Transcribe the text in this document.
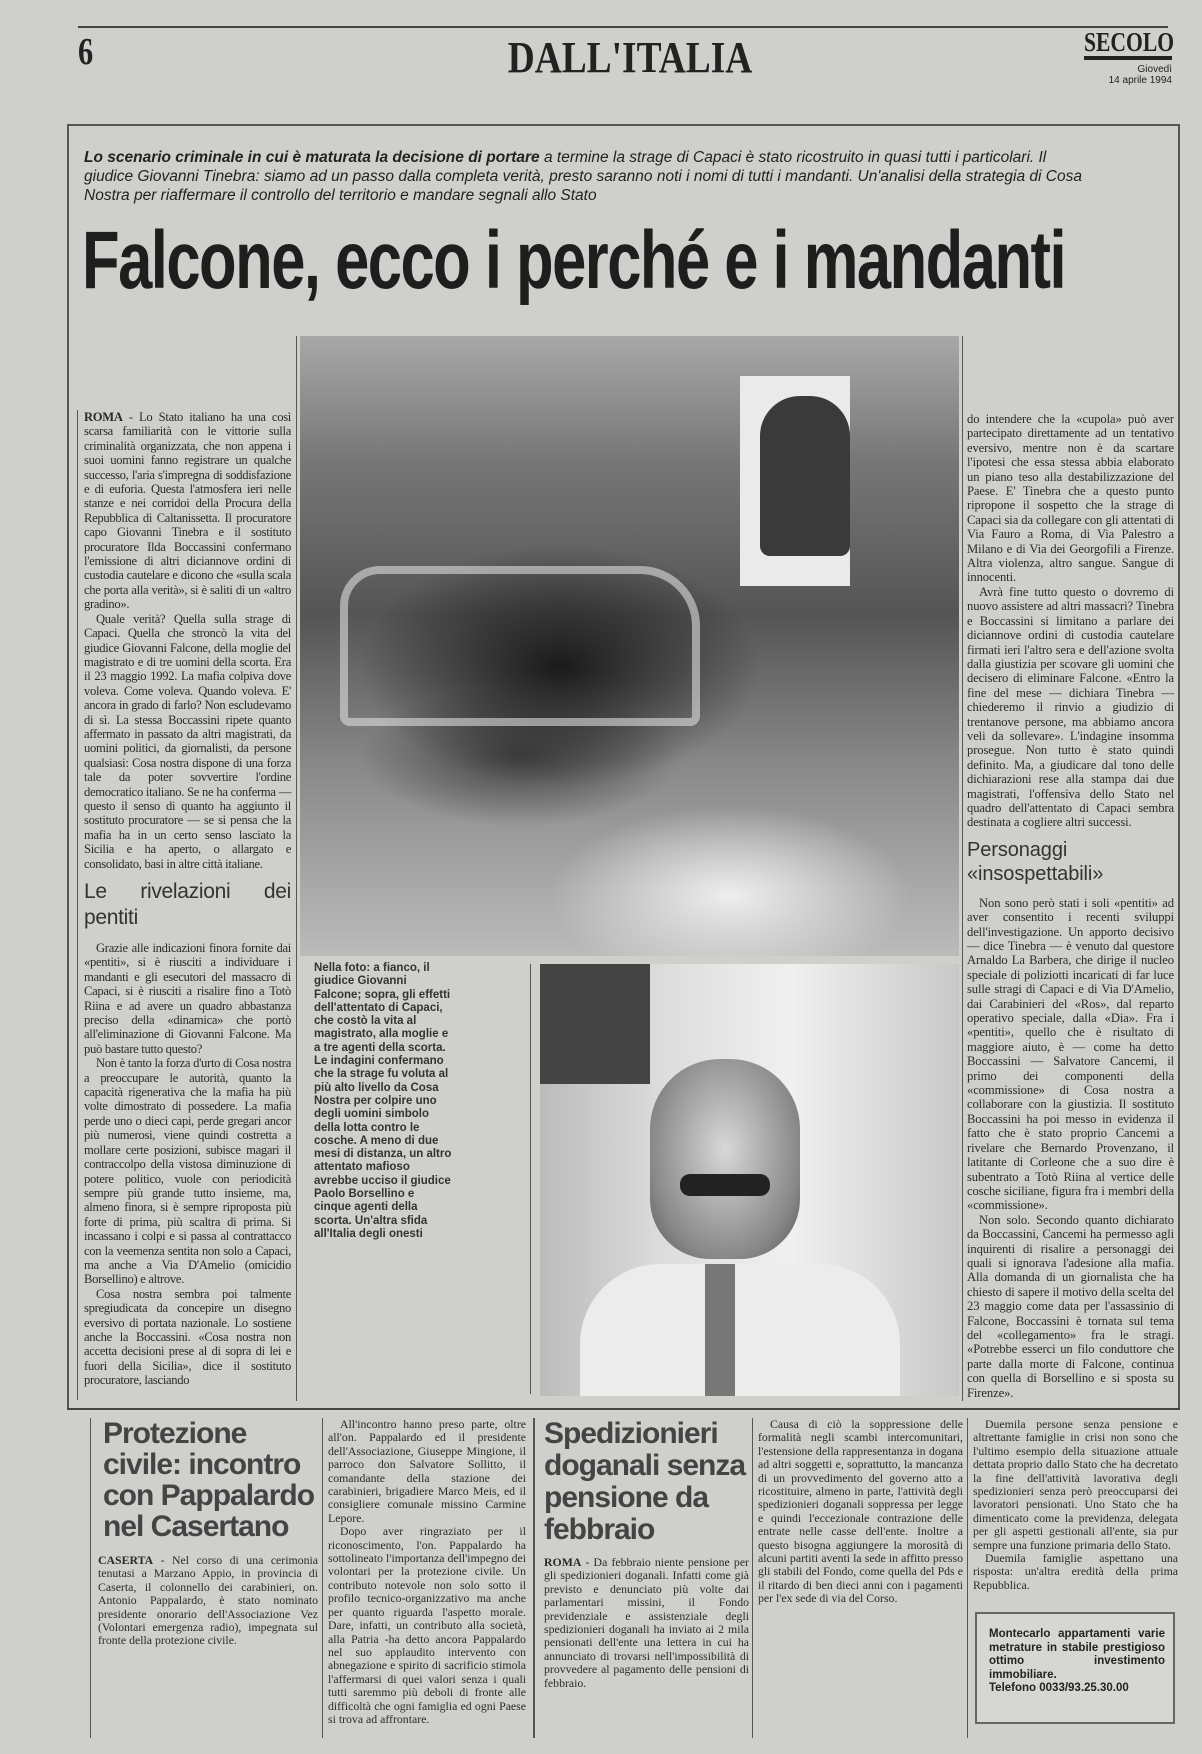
6	DALL'ITALIA	SECOLO
Giovedì
14 aprile 1994
Lo scenario criminale in cui è maturata la decisione di portare a termine la strage di Capaci è stato ricostruito in quasi tutti i particolari. Il giudice Giovanni Tinebra: siamo ad un passo dalla completa verità, presto saranno noti i nomi di tutti i mandanti. Un'analisi della strategia di Cosa Nostra per riaffermare il controllo del territorio e mandare segnali allo Stato
Falcone, ecco i perché e i mandanti

ROMA - Lo Stato italiano ha una così scarsa familiarità con le vittorie sulla criminalità organizzata, che non appena i suoi uomini fanno registrare un qualche successo, l'aria s'impregna di soddisfazione e di euforia. Questa l'atmosfera ieri nelle stanze e nei corridoi della Procura della Repubblica di Caltanissetta. Il procuratore capo Giovanni Tinebra e il sostituto procuratore Ilda Boccassini confermano l'emissione di altri diciannove ordini di custodia cautelare e dicono che «sulla scala che porta alla verità», si è saliti di un «altro gradino».

Quale verità? Quella sulla strage di Capaci. Quella che stroncò la vita del giudice Giovanni Falcone, della moglie del magistrato e di tre uomini della scorta. Era il 23 maggio 1992. La mafia colpiva dove voleva. Come voleva. Quando voleva. E' ancora in grado di farlo? Non escludevamo di sì. La stessa Boccassini ripete quanto affermato in passato da altri magistrati, da uomini politici, da giornalisti, da persone qualsiasi: Cosa nostra dispone di una forza tale da poter sovvertire l'ordine democratico italiano. Se ne ha conferma — questo il senso di quanto ha aggiunto il sostituto procuratore — se si pensa che la mafia ha in un certo senso lasciato la Sicilia e ha aperto, o allargato e consolidato, basi in altre città italiane.

Le rivelazioni dei pentiti

Grazie alle indicazioni finora fornite dai «pentiti», si è riusciti a individuare i mandanti e gli esecutori del massacro di Capaci, si è riusciti a risalire fino a Totò Riina e ad avere un quadro abbastanza preciso della «dinamica» che portò all'eliminazione di Giovanni Falcone. Ma può bastare tutto questo?

Non è tanto la forza d'urto di Cosa nostra a preoccupare le autorità, quanto la capacità rigenerativa che la mafia ha più volte dimostrato di possedere. La mafia perde uno o dieci capi, perde gregari ancor più numerosi, viene quindi costretta a mollare certe posizioni, subisce magari il contraccolpo della vistosa diminuzione di potere politico, vuole con periodicità sempre più grande tutto insieme, ma, almeno finora, si è sempre riproposta più forte di prima, più scaltra di prima. Si incassano i colpi e si passa al contrattacco con la veemenza sentita non solo a Capaci, ma anche a Via D'Amelio (omicidio Borsellino) e altrove.

Cosa nostra sembra poi talmente spregiudicata da concepire un disegno eversivo di portata nazionale. Lo sostiene anche la Boccassini. «Cosa nostra non accetta decisioni prese al di sopra di lei e fuori della Sicilia», dice il sostituto procuratore, lasciando

Nella foto: a fianco, il giudice Giovanni Falcone; sopra, gli effetti dell'attentato di Capaci, che costò la vita al magistrato, alla moglie e a tre agenti della scorta. Le indagini confermano che la strage fu voluta al più alto livello da Cosa Nostra per colpire uno degli uomini simbolo della lotta contro le cosche. A meno di due mesi di distanza, un altro attentato mafioso avrebbe ucciso il giudice Paolo Borsellino e cinque agenti della scorta. Un'altra sfida all'Italia degli onesti

do intendere che la «cupola» può aver partecipato direttamente ad un tentativo eversivo, mentre non è da scartare l'ipotesi che essa stessa abbia elaborato un piano teso alla destabilizzazione del Paese. E' Tinebra che a questo punto ripropone il sospetto che la strage di Capaci sia da collegare con gli attentati di Via Fauro a Roma, di Via Palestro a Milano e di Via dei Georgofili a Firenze. Altra violenza, altro sangue. Sangue di innocenti.

Avrà fine tutto questo o dovremo di nuovo assistere ad altri massacri? Tinebra e Boccassini si limitano a parlare dei diciannove ordini di custodia cautelare firmati ieri l'altro sera e dell'azione svolta dalla giustizia per scovare gli uomini che decisero di eliminare Falcone. «Entro la fine del mese — dichiara Tinebra — chiederemo il rinvio a giudizio di trentanove persone, ma abbiamo ancora veli da sollevare». L'indagine insomma prosegue. Non tutto è stato quindi definito. Ma, a giudicare dal tono delle dichiarazioni rese alla stampa dai due magistrati, l'offensiva dello Stato nel quadro dell'attentato di Capaci sembra destinata a cogliere altri successi.

Personaggi «insospettabili»

Non sono però stati i soli «pentiti» ad aver consentito i recenti sviluppi dell'investigazione. Un apporto decisivo — dice Tinebra — è venuto dal questore Arnaldo La Barbera, che dirige il nucleo speciale di poliziotti incaricati di far luce sulle stragi di Capaci e di Via D'Amelio, dai Carabinieri del «Ros», dal reparto operativo speciale, dalla «Dia». Fra i «pentiti», quello che è risultato di maggiore aiuto, è — come ha detto Boccassini — Salvatore Cancemi, il primo dei componenti della «commissione» di Cosa nostra a collaborare con la giustizia. Il sostituto Boccassini ha poi messo in evidenza il fatto che è stato proprio Cancemi a rivelare che Bernardo Provenzano, il latitante di Corleone che a suo dire è subentrato a Totò Riina al vertice delle cosche siciliane, figura fra i membri della «commissione».

Non solo. Secondo quanto dichiarato da Boccassini, Cancemi ha permesso agli inquirenti di risalire a personaggi dei quali si ignorava l'adesione alla mafia. Alla domanda di un giornalista che ha chiesto di sapere il motivo della scelta del 23 maggio come data per l'assassinio di Falcone, Boccassini è tornata sul tema del «collegamento» fra le stragi. «Potrebbe esserci un filo conduttore che parte dalla morte di Falcone, continua con quella di Borsellino e si sposta su Firenze».

Protezione civile: incontro con Pappalardo nel Casertano

CASERTA - Nel corso di una cerimonia tenutasi a Marzano Appio, in provincia di Caserta, il colonnello dei carabinieri, on. Antonio Pappalardo, è stato nominato presidente onorario dell'Associazione Vez (Volontari emergenza radio), impegnata sul fronte della protezione civile.

All'incontro hanno preso parte, oltre all'on. Pappalardo ed il presidente dell'Associazione, Giuseppe Mingione, il parroco don Salvatore Sollitto, il comandante della stazione dei carabinieri, brigadiere Marco Meis, ed il consigliere comunale missino Carmine Lepore.

Dopo aver ringraziato per il riconoscimento, l'on. Pappalardo ha sottolineato l'importanza dell'impegno dei volontari per la protezione civile. Un contributo notevole non solo sotto il profilo tecnico-organizzativo ma anche per quanto riguarda l'aspetto morale. Dare, infatti, un contributo alla società, alla Patria -ha detto ancora Pappalardo nel suo applaudito intervento con abnegazione e spirito di sacrificio stimola l'affermarsi di quei valori senza i quali tutti saremmo più deboli di fronte alle difficoltà che ogni famiglia ed ogni Paese si trova ad affrontare.

Spedizionieri doganali senza pensione da febbraio

ROMA - Da febbraio niente pensione per gli spedizionieri doganali. Infatti come già previsto e denunciato più volte dai parlamentari missini, il Fondo previdenziale e assistenziale degli spedizionieri doganali ha inviato ai 2 mila pensionati dell'ente una lettera in cui ha annunciato di trovarsi nell'impossibilità di provvedere al pagamento delle pensioni di febbraio.

Causa di ciò la soppressione delle formalità negli scambi intercomunitari, l'estensione della rappresentanza in dogana ad altri soggetti e, soprattutto, la mancanza di un provvedimento del governo atto a ricostituire, almeno in parte, l'attività degli spedizionieri doganali soppressa per legge e quindi l'eccezionale contrazione delle entrate nelle casse dell'ente. Inoltre a questo bisogna aggiungere la morosità di alcuni partiti aventi la sede in affitto presso gli stabili del Fondo, come quella del Pds e il ritardo di ben dieci anni con i pagamenti per l'ex sede di via del Corso.

Duemila persone senza pensione e altrettante famiglie in crisi non sono che l'ultimo esempio della situazione attuale dettata proprio dallo Stato che ha decretato la fine dell'attività lavorativa degli spedizionieri senza però preoccuparsi dei lavoratori pensionati. Uno Stato che ha dimenticato come la previdenza, delegata per gli aspetti gestionali all'ente, sia pur sempre una funzione primaria dello Stato.

Duemila famiglie aspettano una risposta: un'altra eredità della prima Repubblica.

Montecarlo appartamenti varie metrature in stabile prestigioso ottimo investimento immobiliare.
Telefono 0033/93.25.30.00
